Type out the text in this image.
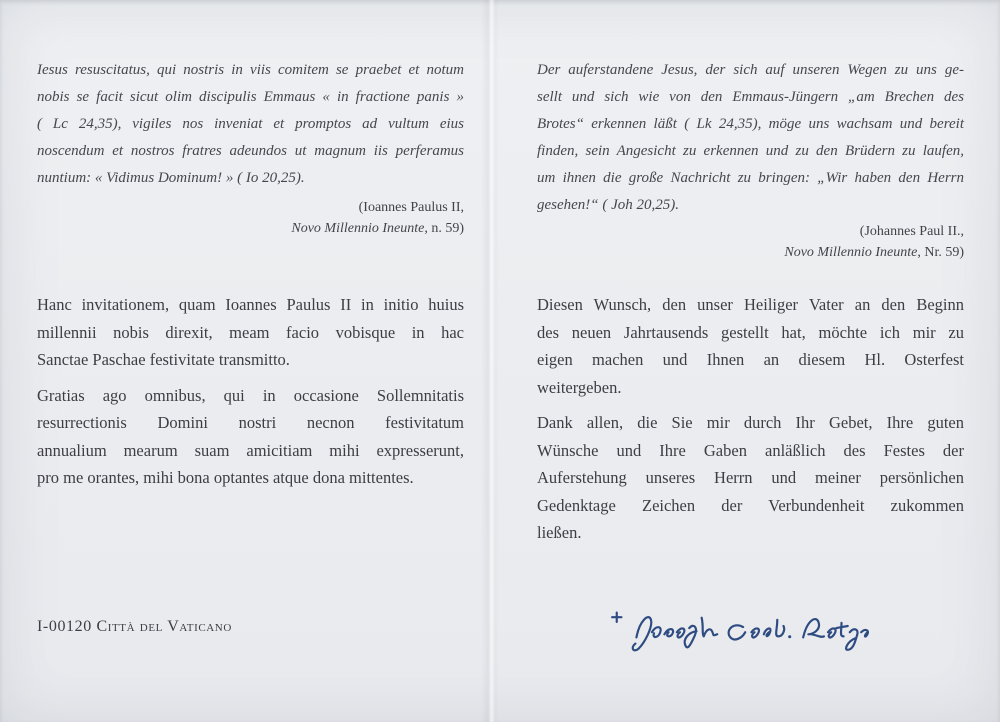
Iesus resuscitatus, qui nostris in viis comitem se praebet et notum
nobis se facit sicut olim discipulis Emmaus « in fractione panis »
( Lc 24,35), vigiles nos inveniat et promptos ad vultum eius
noscendum et nostros fratres adeundos ut magnum iis perferamus
nuntium: « Vidimus Dominum! » ( Io 20,25).
(Ioannes Paulus II,
Novo Millennio Ineunte, n. 59)
Hanc invitationem, quam Ioannes Paulus II in initio huius
millennii nobis direxit, meam facio vobisque in hac
Sanctae Paschae festivitate transmitto.
Gratias ago omnibus, qui in occasione Sollemnitatis
resurrectionis Domini nostri necnon festivitatum
annualium mearum suam amicitiam mihi expresserunt,
pro me orantes, mihi bona optantes atque dona mittentes.
I-00120 Città del Vaticano
Der auferstandene Jesus, der sich auf unseren Wegen zu uns ge-
sellt und sich wie von den Emmaus-Jüngern „am Brechen des
Brotes“ erkennen läßt ( Lk 24,35), möge uns wachsam und bereit
finden, sein Angesicht zu erkennen und zu den Brüdern zu laufen,
um ihnen die große Nachricht zu bringen: „Wir haben den Herrn
gesehen!“ ( Joh 20,25).
(Johannes Paul II.,
Novo Millennio Ineunte, Nr. 59)
Diesen Wunsch, den unser Heiliger Vater an den Beginn
des neuen Jahrtausends gestellt hat, möchte ich mir zu
eigen machen und Ihnen an diesem Hl. Osterfest
weitergeben.
Dank allen, die Sie mir durch Ihr Gebet, Ihre guten
Wünsche und Ihre Gaben anläßlich des Festes der
Auferstehung unseres Herrn und meiner persönlichen
Gedenktage Zeichen der Verbundenheit zukommen
ließen.
